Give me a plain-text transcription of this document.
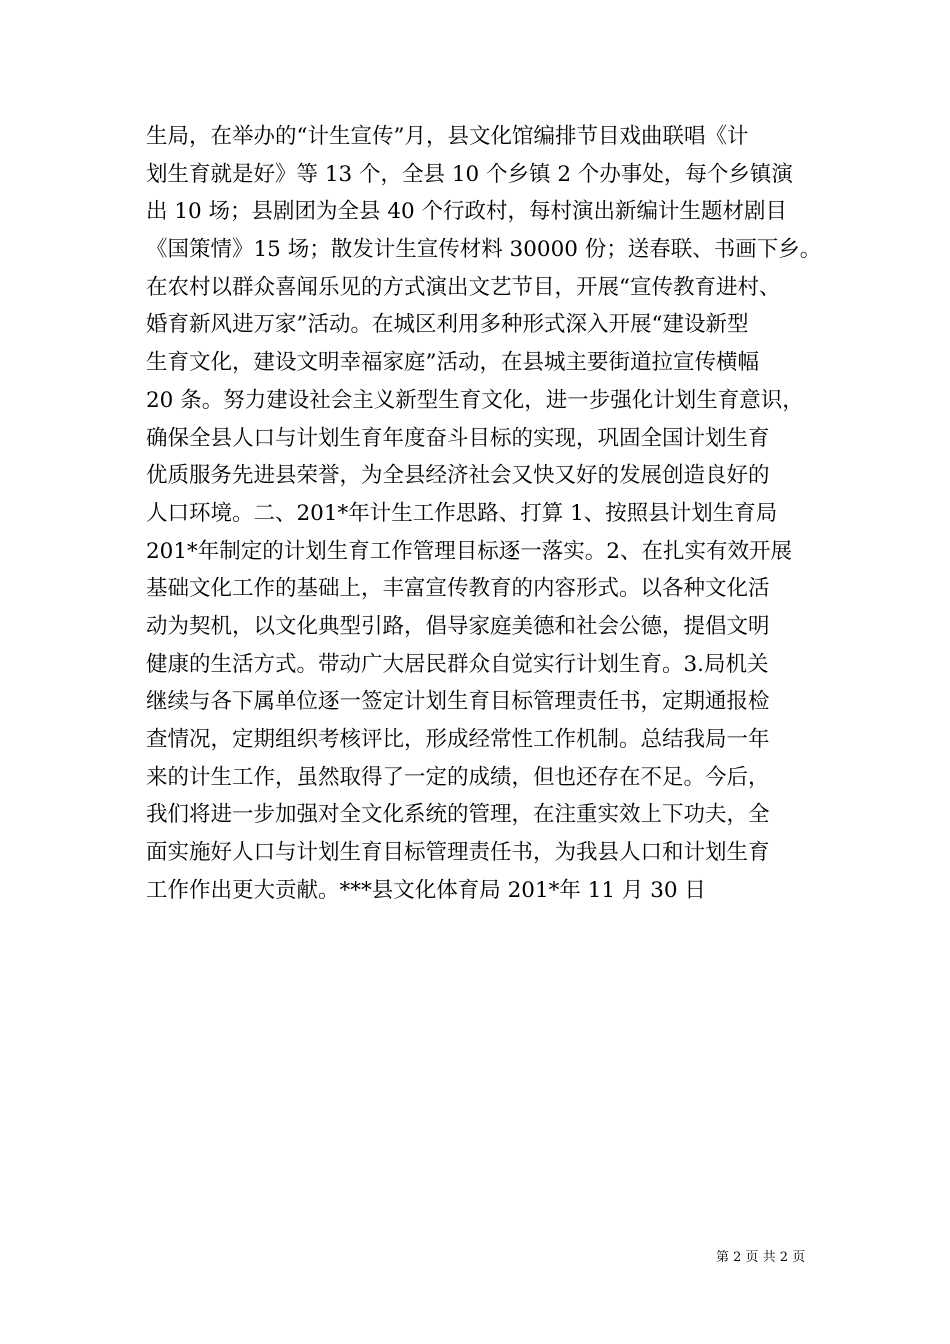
生局，在举办的“计生宣传”月，县文化馆编排节目戏曲联唱《计
划生育就是好》等 13 个，全县 10 个乡镇 2 个办事处，每个乡镇演
出 10 场；县剧团为全县 40 个行政村，每村演出新编计生题材剧目
《国策情》15 场；散发计生宣传材料 30000 份；送春联、书画下乡。
在农村以群众喜闻乐见的方式演出文艺节目，开展“宣传教育进村、
婚育新风进万家”活动。在城区利用多种形式深入开展“建设新型
生育文化，建设文明幸福家庭”活动，在县城主要街道拉宣传横幅
20 条。努力建设社会主义新型生育文化，进一步强化计划生育意识，
确保全县人口与计划生育年度奋斗目标的实现，巩固全国计划生育
优质服务先进县荣誉，为全县经济社会又快又好的发展创造良好的
人口环境。二、201*年计生工作思路、打算 1、按照县计划生育局
201*年制定的计划生育工作管理目标逐一落实。2、在扎实有效开展
基础文化工作的基础上，丰富宣传教育的内容形式。以各种文化活
动为契机，以文化典型引路，倡导家庭美德和社会公德，提倡文明
健康的生活方式。带动广大居民群众自觉实行计划生育。3.局机关
继续与各下属单位逐一签定计划生育目标管理责任书，定期通报检
查情况，定期组织考核评比，形成经常性工作机制。总结我局一年
来的计生工作，虽然取得了一定的成绩，但也还存在不足。今后，
我们将进一步加强对全文化系统的管理，在注重实效上下功夫，全
面实施好人口与计划生育目标管理责任书，为我县人口和计划生育
工作作出更大贡献。***县文化体育局 201*年 11 月 30 日
第 2 页 共 2 页
